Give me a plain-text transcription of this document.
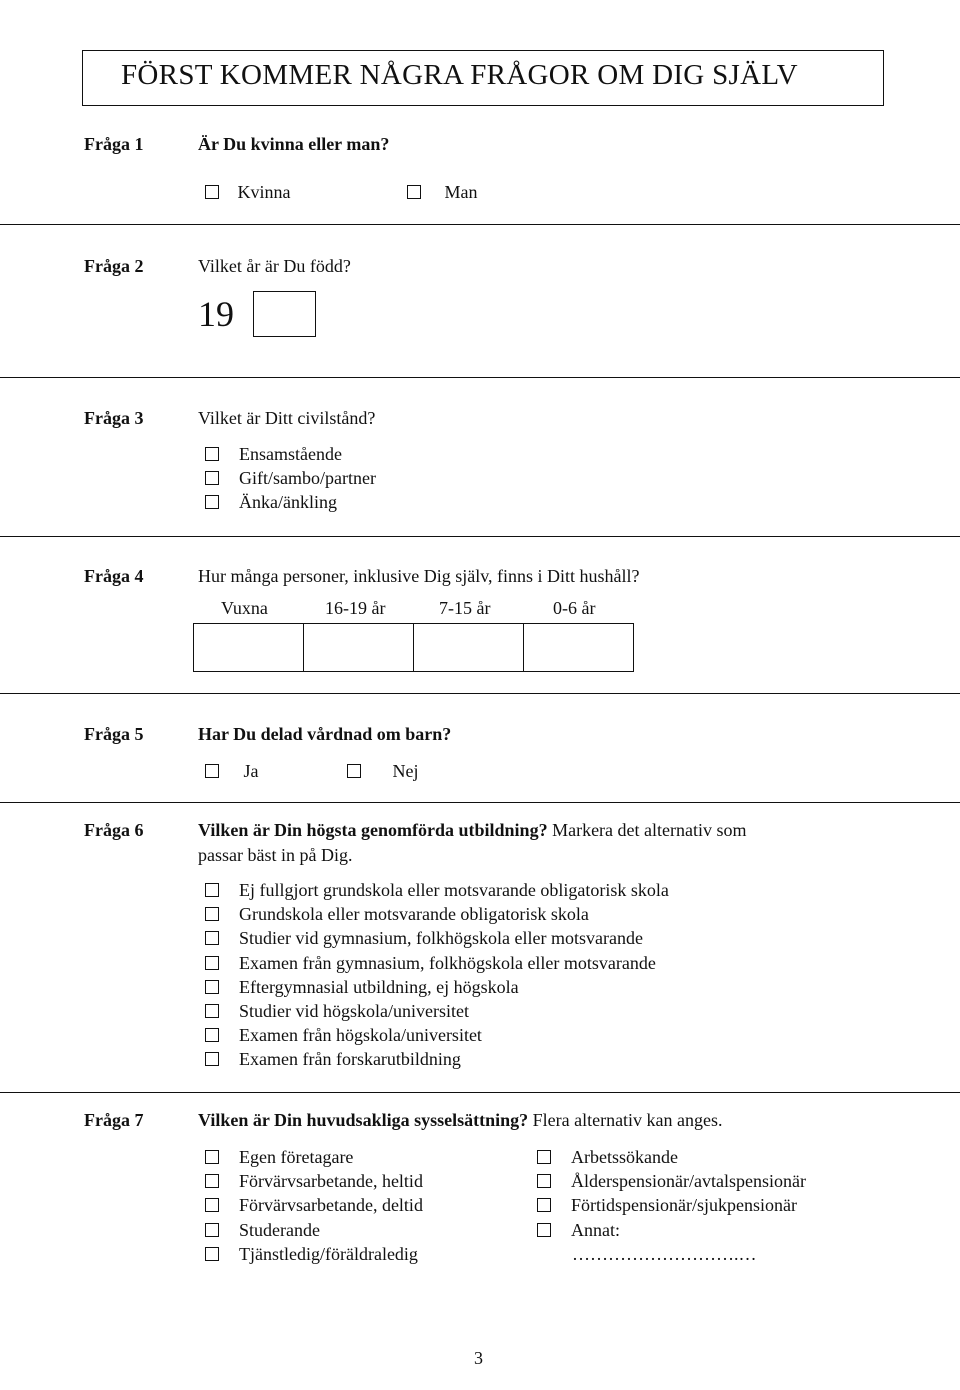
FÖRST KOMMER NÅGRA FRÅGOR OM DIG SJÄLV
Fråga 1	Är Du kvinna eller man?
Kvinna	Man
Fråga 2	Vilket år är Du född?
19
Fråga 3	Vilket är Ditt civilstånd?
Ensamstående
Gift/sambo/partner
Änka/änkling
Fråga 4	Hur många personer, inklusive Dig själv, finns i Ditt hushåll?
Vuxna	16-19 år	7-15 år	0-6 år
Fråga 5	Har Du delad vårdnad om barn?
Ja	Nej
Fråga 6	Vilken är Din högsta genomförda utbildning? Markera det alternativ som
passar bäst in på Dig.
Ej fullgjort grundskola eller motsvarande obligatorisk skola
Grundskola eller motsvarande obligatorisk skola
Studier vid gymnasium, folkhögskola eller motsvarande
Examen från gymnasium, folkhögskola eller motsvarande
Eftergymnasial utbildning, ej högskola
Studier vid högskola/universitet
Examen från högskola/universitet
Examen från forskarutbildning
Fråga 7	Vilken är Din huvudsakliga sysselsättning? Flera alternativ kan anges.
Egen företagare
Förvärvsarbetande, heltid
Förvärvsarbetande, deltid
Studerande
Tjänstledig/föräldraledig
Arbetssökande
Ålderspensionär/avtalspensionär
Förtidspensionär/sjukpensionär
Annat:
……………………….…
3
